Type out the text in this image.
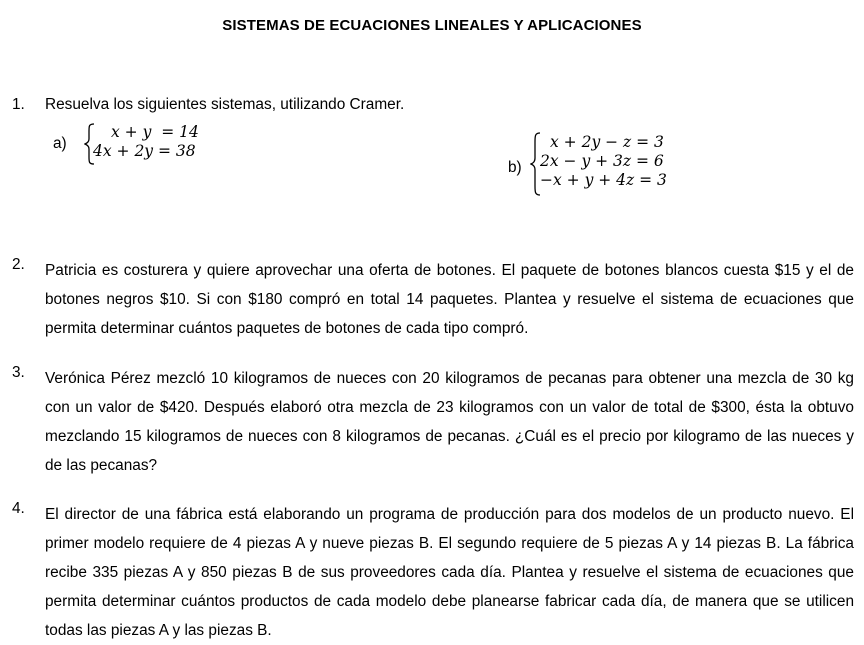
SISTEMAS DE ECUACIONES LINEALES Y APLICACIONES
1. Resuelva los siguientes sistemas, utilizando Cramer.
a)
x + y  = 14
4x + 2y = 38
b)
x + 2y − z = 3
2x − y + 3z = 6
−x + y + 4z = 3
2.	Patricia es costurera y quiere aprovechar una oferta de botones. El paquete de botones blancos cuesta $15 y el de botones negros $10. Si con $180 compró en total 14 paquetes. Plantea y resuelve el sistema de ecuaciones que permita determinar cuántos paquetes de botones de cada tipo compró.
3.	Verónica Pérez mezcló 10 kilogramos de nueces con 20 kilogramos de pecanas para obtener una mezcla de 30 kg con un valor de $420. Después elaboró otra mezcla de 23 kilogramos con un valor de total de $300, ésta la obtuvo mezclando 15 kilogramos de nueces con 8 kilogramos de pecanas. ¿Cuál es el precio por kilogramo de las nueces y de las pecanas?
4.	El director de una fábrica está elaborando un programa de producción para dos modelos de un producto nuevo. El primer modelo requiere de 4 piezas A y nueve piezas B. El segundo requiere de 5 piezas A y 14 piezas B. La fábrica recibe 335 piezas A y 850 piezas B de sus proveedores cada día. Plantea y resuelve el sistema de ecuaciones que permita determinar cuántos productos de cada modelo debe planearse fabricar cada día, de manera que se utilicen todas las piezas A y las piezas B.
